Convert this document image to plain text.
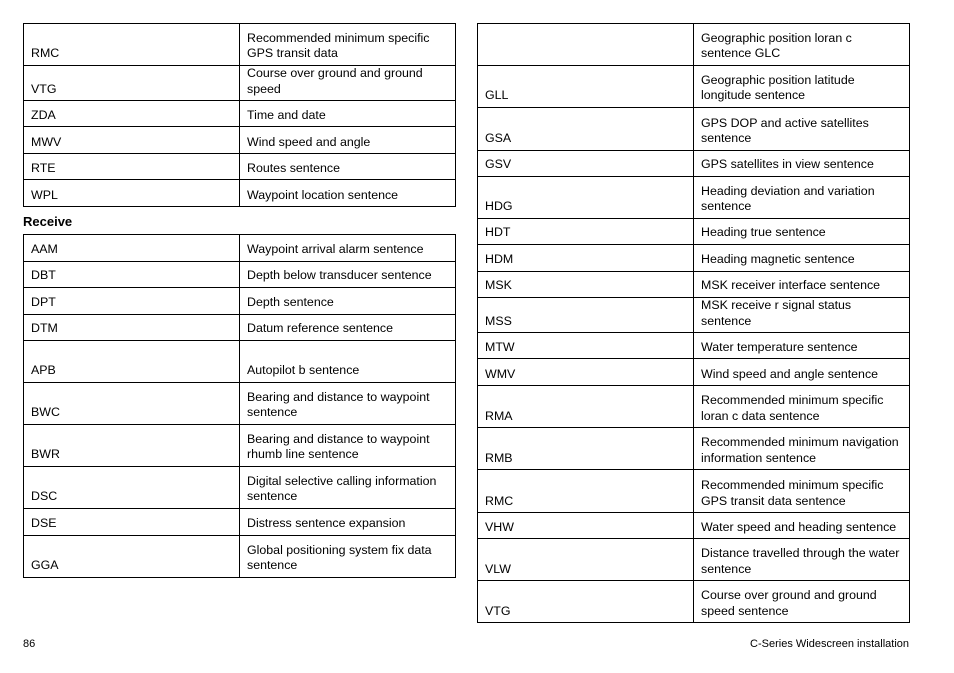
RMC	Recommended minimum specific GPS transit data
VTG	Course over ground and ground speed
ZDA	Time and date
MWV	Wind speed and angle
RTE	Routes sentence
WPL	Waypoint location sentence
Receive
AAM	Waypoint arrival alarm sentence
DBT	Depth below transducer sentence
DPT	Depth sentence
DTM	Datum reference sentence
APB	Autopilot b sentence
BWC	Bearing and distance to waypoint sentence
BWR	Bearing and distance to waypoint rhumb line sentence
DSC	Digital selective calling information sentence
DSE	Distress sentence expansion
GGA	Global positioning system fix data sentence
	Geographic position loran c sentence GLC
GLL	Geographic position latitude longitude sentence
GSA	GPS DOP and active satellites sentence
GSV	GPS satellites in view sentence
HDG	Heading deviation and variation sentence
HDT	Heading true sentence
HDM	Heading magnetic sentence
MSK	MSK receiver interface sentence
MSS	MSK receive r signal status sentence
MTW	Water temperature sentence
WMV	Wind speed and angle sentence
RMA	Recommended minimum specific loran c data sentence
RMB	Recommended minimum navigation information sentence
RMC	Recommended minimum specific GPS transit data sentence
VHW	Water speed and heading sentence
VLW	Distance travelled through the water sentence
VTG	Course over ground and ground speed sentence
86	C-Series Widescreen installation
